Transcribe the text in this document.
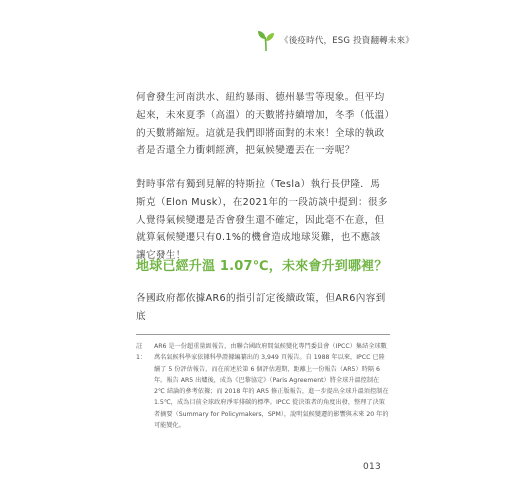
《後疫時代，ESG 投資翻轉未來》

何會發生河南洪水、紐約暴雨、德州暴雪等現象。但平均起來，未來夏季（高溫）的天數將持續增加，冬季（低溫）的天數將縮短。這就是我們即將面對的未來！全球的執政者是否還全力衝刺經濟，把氣候變遷丟在一旁呢？

對時事常有獨到見解的特斯拉（Tesla）執行長伊隆．馬斯克（Elon Musk），在2021年的一段訪談中提到：很多人覺得氣候變遷是否會發生還不確定，因此毫不在意，但就算氣候變遷只有0.1%的機會造成地球災難，也不應該讓它發生！

地球已經升溫 1.07℃，未來會升到哪裡？

各國政府都依據AR6的指引訂定後續政策，但AR6內容到底

註 1：
AR6 是一份超重量級報告，由聯合國政府間氣候變化專門委員會（IPCC）集結全球數萬名氣候科學家依據科學證據編纂出的 3,949 頁報告。自 1988 年以來，IPCC 已陸續了 5 份評估報告，而在前述於第 6 個評估週期，距離上一份報告（AR5）時隔 6 年。報告 AR5 出爐後，成為《巴黎協定》（Paris Agreement）將全球升溫控制在 2℃ 結論的參考依據；而 2018 年的 AR5 修正版報告，進一步提出全球升溫須控制在 1.5℃，成為目前全球政府淨零排碳的標準。IPCC 從決策者的角度出發，整理了決策者摘要（Summary for Policymakers，SPM），說明氣候變遷的影響與未來 20 年的可能變化。
013
